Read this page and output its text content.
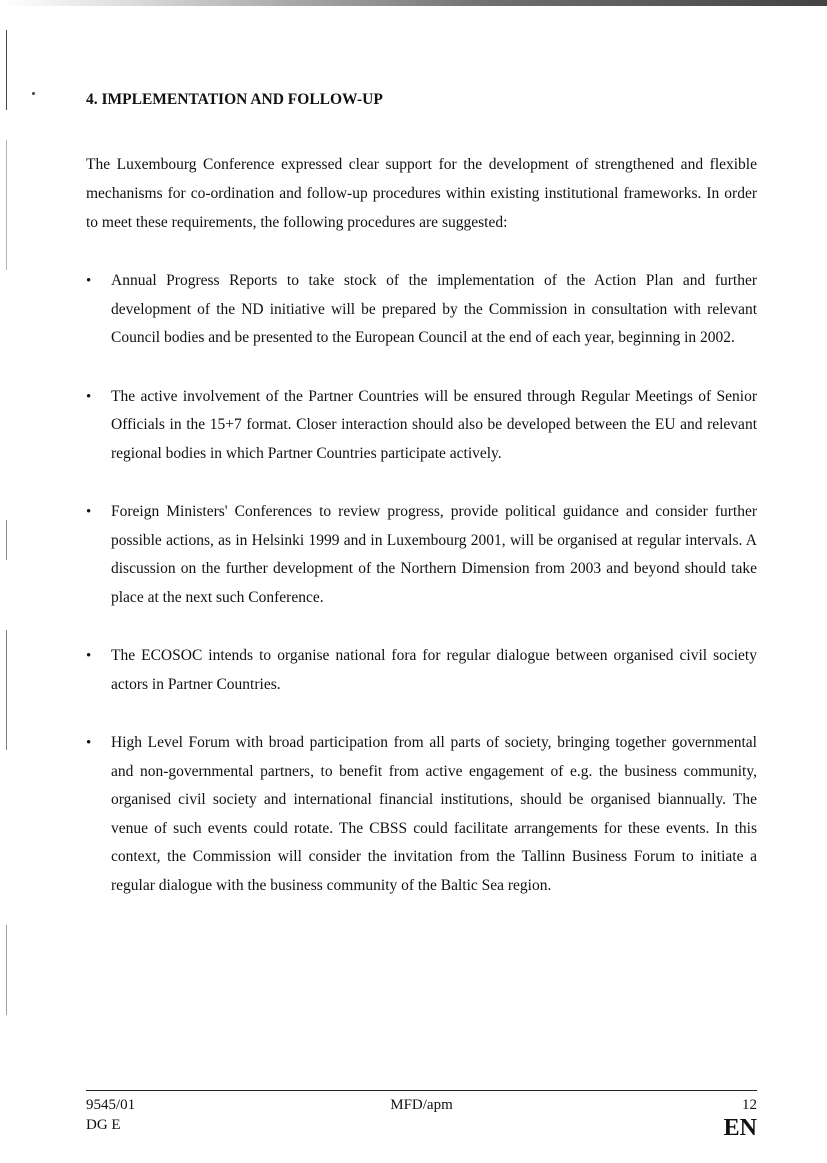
4. IMPLEMENTATION AND FOLLOW-UP

The Luxembourg Conference expressed clear support for the development of strengthened and flexible mechanisms for co-ordination and follow-up procedures within existing institutional frameworks. In order to meet these requirements, the following procedures are suggested:

• Annual Progress Reports to take stock of the implementation of the Action Plan and further development of the ND initiative will be prepared by the Commission in consultation with relevant Council bodies and be presented to the European Council at the end of each year, beginning in 2002.
• The active involvement of the Partner Countries will be ensured through Regular Meetings of Senior Officials in the 15+7 format. Closer interaction should also be developed between the EU and relevant regional bodies in which Partner Countries participate actively.
• Foreign Ministers' Conferences to review progress, provide political guidance and consider further possible actions, as in Helsinki 1999 and in Luxembourg 2001, will be organised at regular intervals. A discussion on the further development of the Northern Dimension from 2003 and beyond should take place at the next such Conference.
• The ECOSOC intends to organise national fora for regular dialogue between organised civil society actors in Partner Countries.
• High Level Forum with broad participation from all parts of society, bringing together governmental and non-governmental partners, to benefit from active engagement of e.g. the business community, organised civil society and international financial institutions, should be organised biannually. The venue of such events could rotate. The CBSS could facilitate arrangements for these events. In this context, the Commission will consider the invitation from the Tallinn Business Forum to initiate a regular dialogue with the business community of the Baltic Sea region.
9545/01
DG E
MFD/apm	12
EN
